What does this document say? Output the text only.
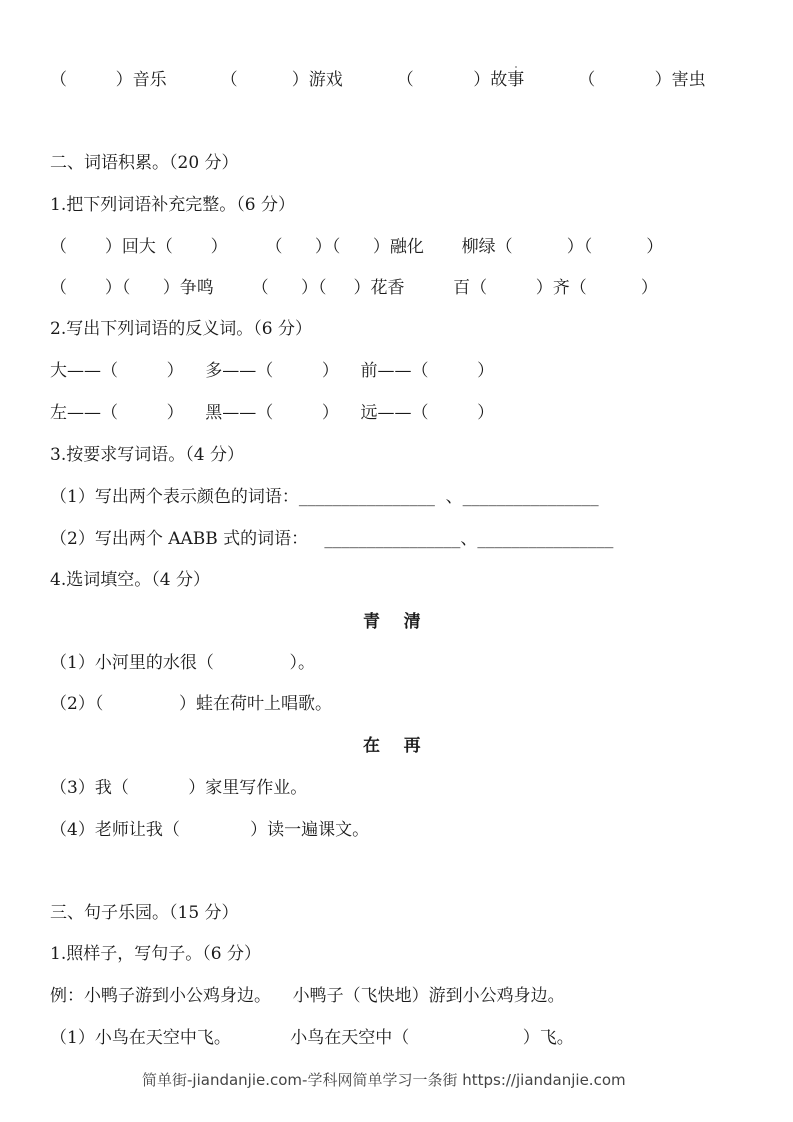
（         ）音乐          （          ）游戏          （           ）故事          （           ）害虫
二、词语积累。（20 分）
1.把下列词语补充完整。（6 分）
（       ）回大（       ）       （      ）（      ）融化       柳绿（          ）（          ）
（       ）（      ）争鸣       （      ）（     ）花香         百（         ）齐（          ）
2.写出下列词语的反义词。（6 分）
大——（         ）    多——（         ）    前——（         ）
左——（         ）    黑——（         ）    远——（         ）
3.按要求写词语。（4 分）
（1）写出两个表示颜色的词语：________________  、________________
（2）写出两个 AABB 式的词语：   ________________、________________
4.选词填空。（4 分）
青    清
（1）小河里的水很（              ）。
（2）（              ）蛙在荷叶上唱歌。
在    再
（3）我（           ）家里写作业。
（4）老师让我（             ）读一遍课文。
三、句子乐园。（15 分）
1.照样子，写句子。（6 分）
例：小鸭子游到小公鸡身边。    小鸭子（飞快地）游到小公鸡身边。
（1）小鸟在天空中飞。           小鸟在天空中（                     ）飞。
简单街-jiandanjie.com-学科网简单学习一条街 https://jiandanjie.com
